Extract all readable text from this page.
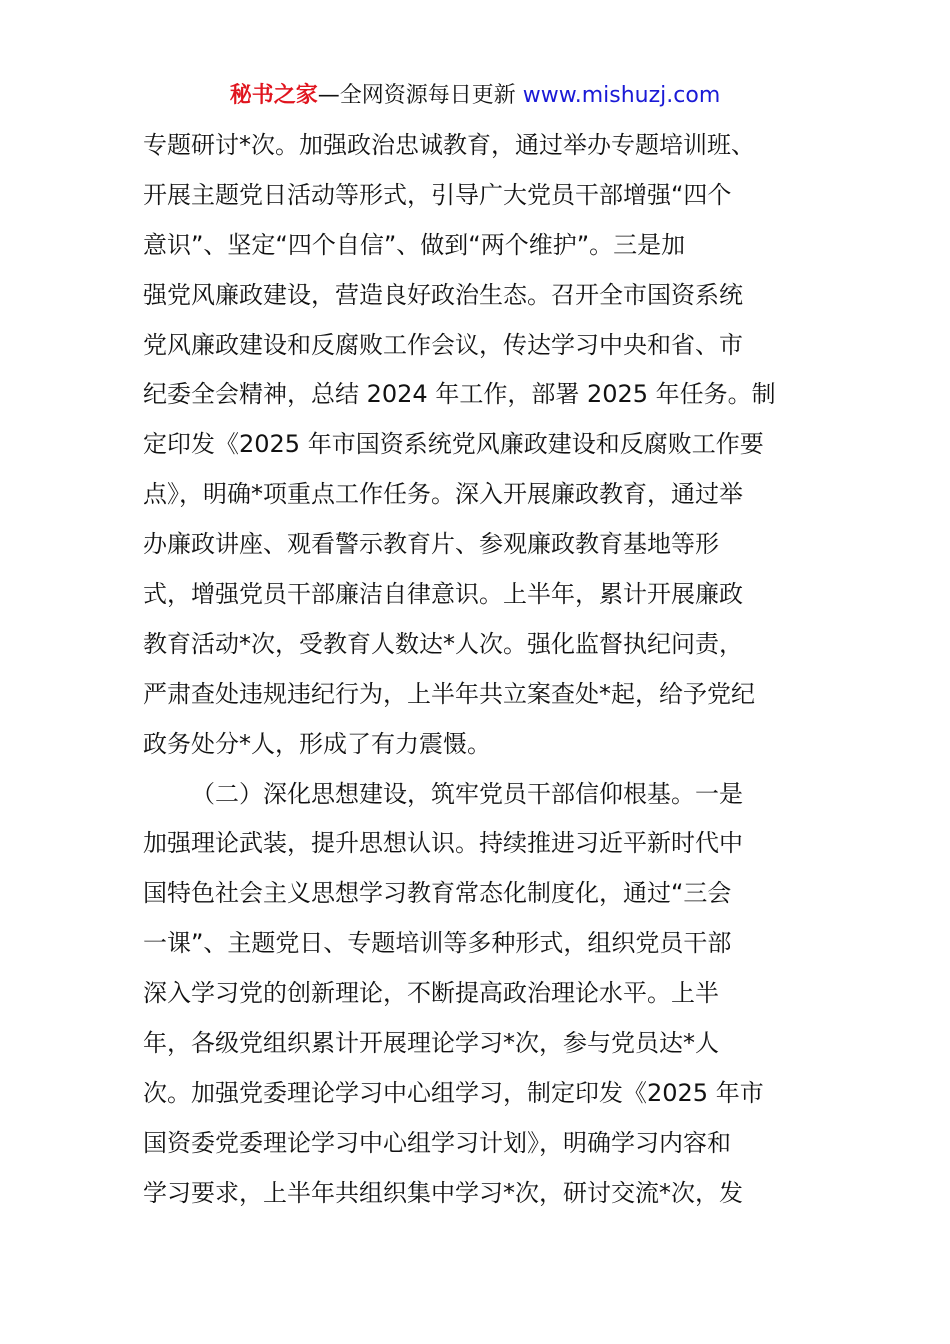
秘书之家—全网资源每日更新 www.mishuzj.com
专题研讨*次。加强政治忠诚教育，通过举办专题培训班、
开展主题党日活动等形式，引导广大党员干部增强“四个
意识”、坚定“四个自信”、做到“两个维护”。三是加
强党风廉政建设，营造良好政治生态。召开全市国资系统
党风廉政建设和反腐败工作会议，传达学习中央和省、市
纪委全会精神，总结 2024 年工作，部署 2025 年任务。制
定印发《2025 年市国资系统党风廉政建设和反腐败工作要
点》，明确*项重点工作任务。深入开展廉政教育，通过举
办廉政讲座、观看警示教育片、参观廉政教育基地等形
式，增强党员干部廉洁自律意识。上半年，累计开展廉政
教育活动*次，受教育人数达*人次。强化监督执纪问责，
严肃查处违规违纪行为，上半年共立案查处*起，给予党纪
政务处分*人，形成了有力震慑。
（二）深化思想建设，筑牢党员干部信仰根基。一是
加强理论武装，提升思想认识。持续推进习近平新时代中
国特色社会主义思想学习教育常态化制度化，通过“三会
一课”、主题党日、专题培训等多种形式，组织党员干部
深入学习党的创新理论，不断提高政治理论水平。上半
年，各级党组织累计开展理论学习*次，参与党员达*人
次。加强党委理论学习中心组学习，制定印发《2025 年市
国资委党委理论学习中心组学习计划》，明确学习内容和
学习要求，上半年共组织集中学习*次，研讨交流*次，发
